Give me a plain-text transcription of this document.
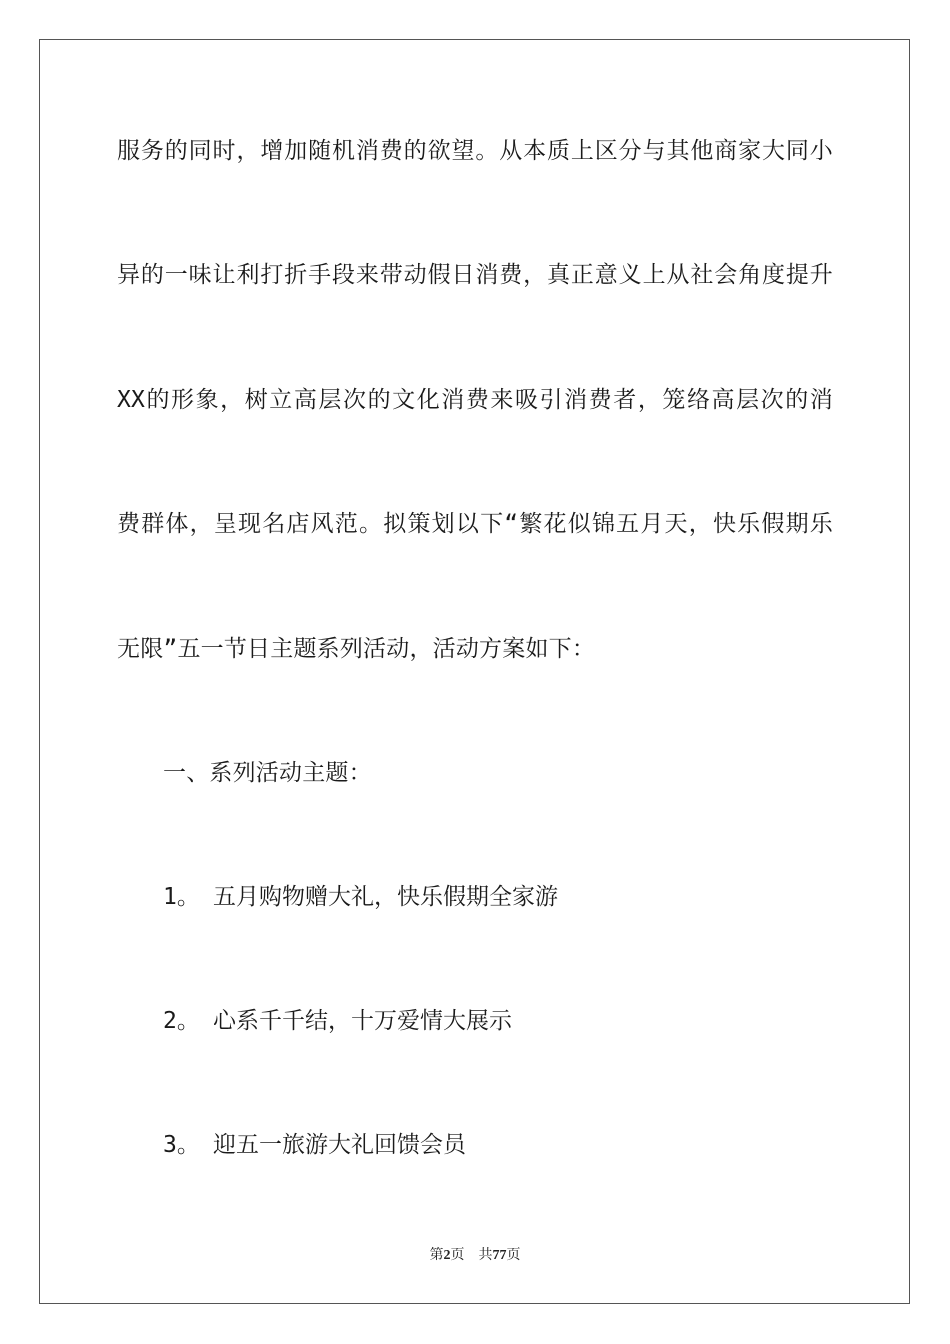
服务的同时，增加随机消费的欲望。从本质上区分与其他商家大同小
异的一味让利打折手段来带动假日消费，真正意义上从社会角度提升
XX的形象，树立高层次的文化消费来吸引消费者，笼络高层次的消
费群体，呈现名店风范。拟策划以下“繁花似锦五月天，快乐假期乐
无限”五一节日主题系列活动，活动方案如下：
一、系列活动主题：
1。 五月购物赠大礼，快乐假期全家游
2。 心系千千结，十万爱情大展示
3。 迎五一旅游大礼回馈会员
第2页 共77页
